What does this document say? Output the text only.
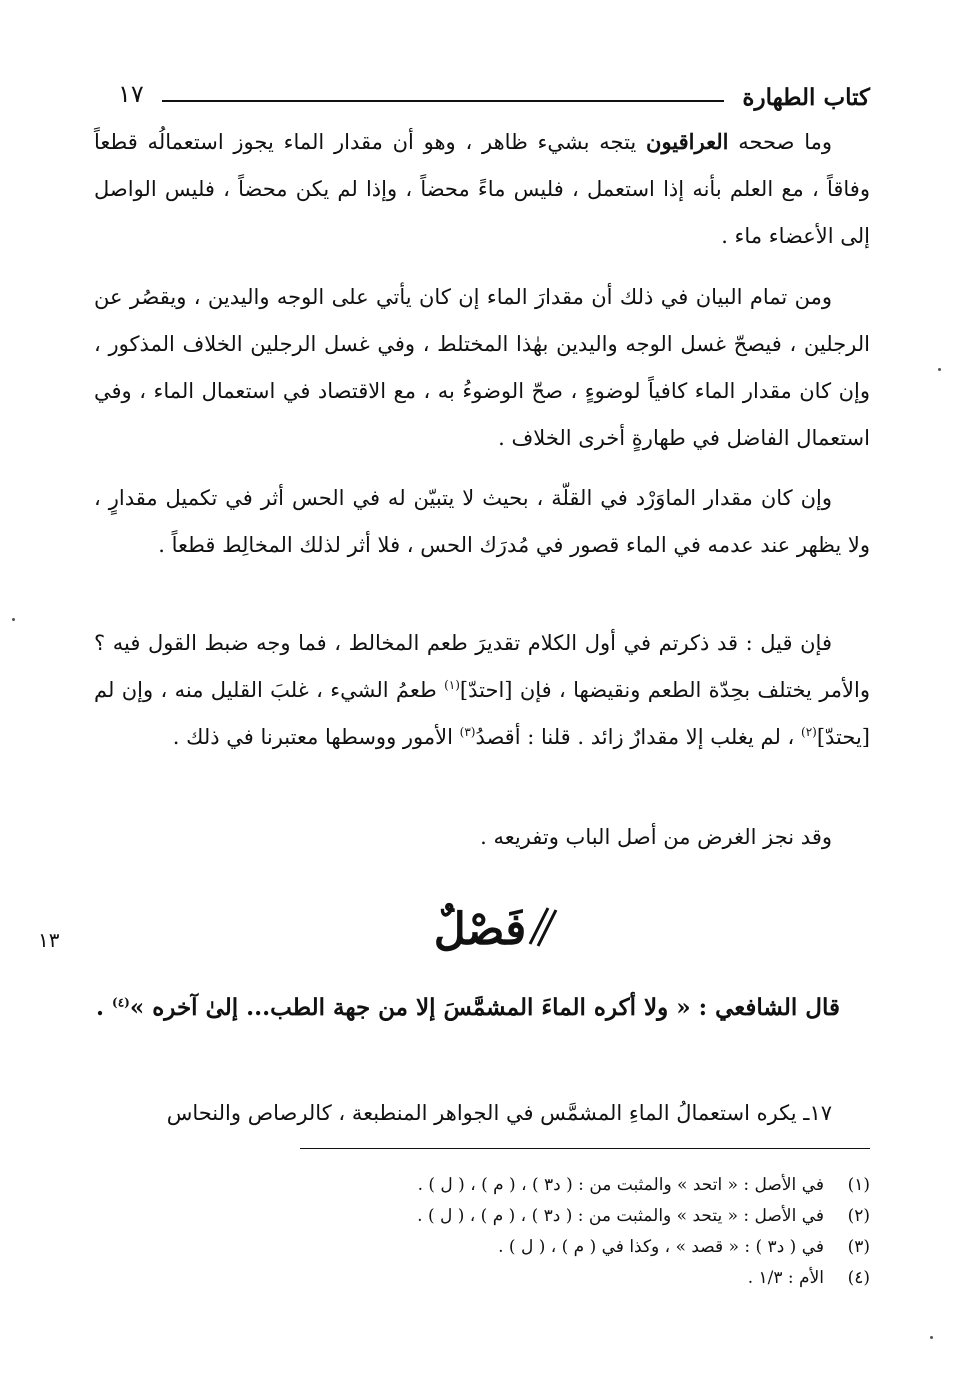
كتاب الطهارة
١٧

وما صححه العراقيون يتجه بشيء ظاهر ، وهو أن مقدار الماء يجوز استعمالُه قطعاً وفاقاً ، مع العلم بأنه إذا استعمل ، فليس ماءً محضاً ، وإذا لم يكن محضاً ، فليس الواصل إلى الأعضاء ماء .

ومن تمام البيان في ذلك أن مقدارَ الماء إن كان يأتي على الوجه واليدين ، ويقصُر عن الرجلين ، فيصحّ غسل الوجه واليدين بهٰذا المختلط ، وفي غسل الرجلين الخلاف المذكور ، وإن كان مقدار الماء كافياً لوضوءٍ ، صحّ الوضوءُ به ، مع الاقتصاد في استعمال الماء ، وفي استعمال الفاضل في طهارةٍ أخرى الخلاف .

وإن كان مقدار الماوَرْد في القلّة ، بحيث لا يتبيّن له في الحس أثر في تكميل مقدارٍ ، ولا يظهر عند عدمه في الماء قصور في مُدرَك الحس ، فلا أثر لذلك المخالِط قطعاً .

فإن قيل : قد ذكرتم في أول الكلام تقديرَ طعم المخالط ، فما وجه ضبط القول فيه ؟ والأمر يختلف بحِدّة الطعم ونقيضها ، فإن [احتدّ]$^{(١)}$ طعمُ الشيء ، غلبَ القليل منه ، وإن لم [يحتدّ]$^{(٢)}$ ، لم يغلب إلا مقدارٌ زائد . قلنا : أقصدُ$^{(٣)}$ الأمور ووسطها معتبرنا في ذلك .

وقد نجز الغرض من أصل الباب وتفريعه .

فَصْلٌ
١٣

قال الشافعي : « ولا أكره الماءَ المشمَّسَ إلا من جهة الطب... إلىٰ آخره »$^{(٤)}$ .

١٧ـ يكره استعمالُ الماءِ المشمَّس في الجواهر المنطبعة ، كالرصاص والنحاس

(١)في الأصل : « اتحد » والمثبت من : ( د٣ ) ، ( م ) ، ( ل ) .
(٢)في الأصل : « يتحد » والمثبت من : ( د٣ ) ، ( م ) ، ( ل ) .
(٣)في ( د٣ ) : « قصد » ، وكذا في ( م ) ، ( ل ) .
(٤)الأم : ١/٣ .
